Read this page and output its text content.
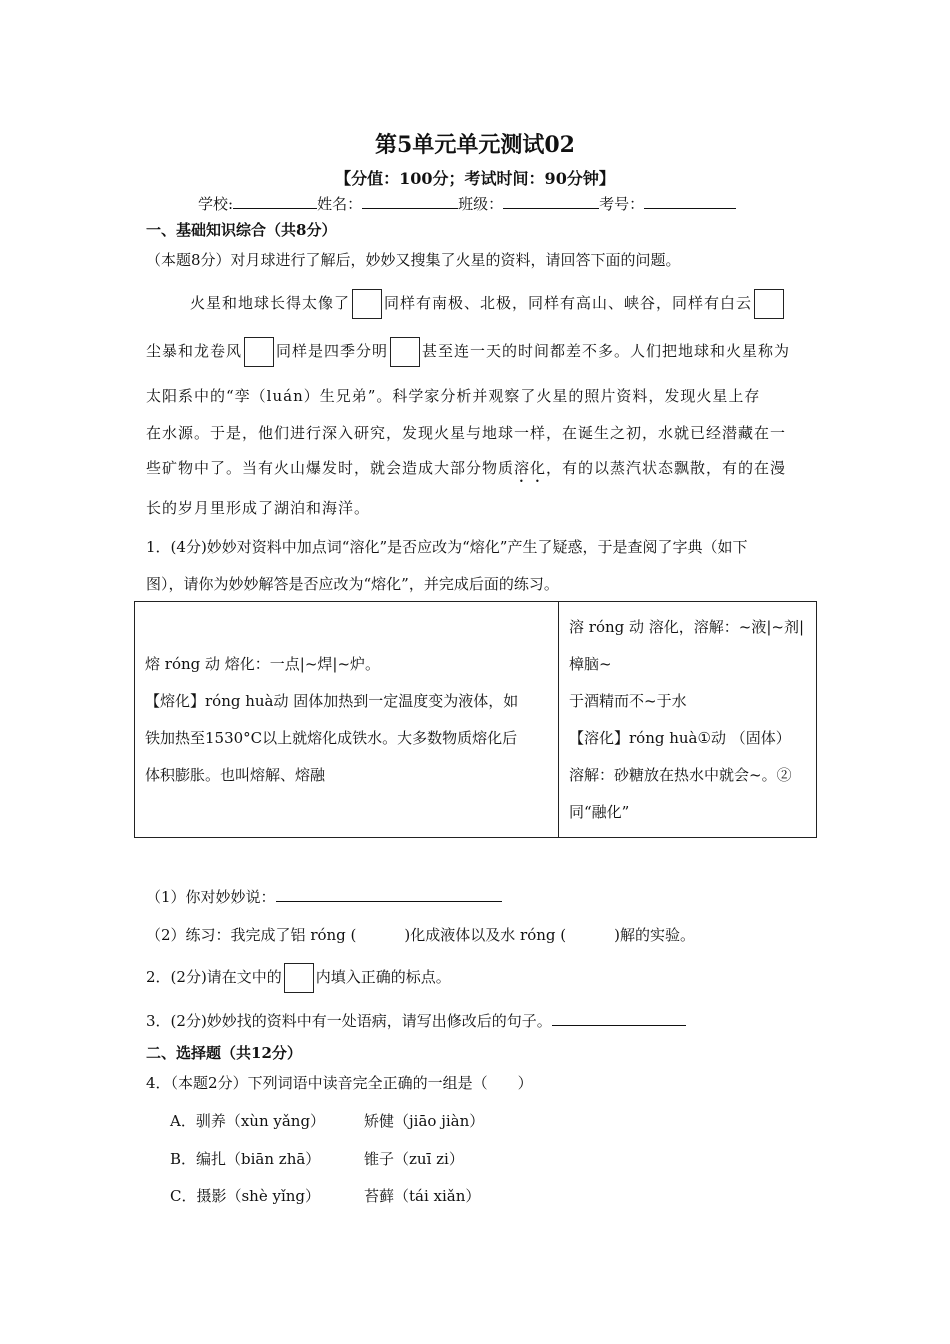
第5单元单元测试02
【分值：100分；考试时间：90分钟】
学校:	姓名：	班级：	考号：
一、基础知识综合（共8分）
（本题8分）对月球进行了解后，妙妙又搜集了火星的资料，请回答下面的问题。
火星和地球长得太像了 同样有南极、北极，同样有高山、峡谷，同样有白云
尘暴和龙卷风 同样是四季分明 甚至连一天的时间都差不多。人们把地球和火星称为
太阳系中的“孪（luán）生兄弟”。科学家分析并观察了火星的照片资料，发现火星上存
在水源。于是，他们进行深入研究，发现火星与地球一样，在诞生之初，水就已经潜藏在一
些矿物中了。当有火山爆发时，就会造成大部分物质溶化，有的以蒸汽状态飘散，有的在漫
长的岁月里形成了湖泊和海洋。
1．(4分)妙妙对资料中加点词“溶化”是否应改为“熔化”产生了疑惑，于是查阅了字典（如下
图），请你为妙妙解答是否应改为“熔化”，并完成后面的练习。
熔 róng 动 熔化：一点|~焊|~炉。
【熔化】róng huà动 固体加热到一定温度变为液体，如
铁加热至1530°C以上就熔化成铁水。大多数物质熔化后
体积膨胀。也叫熔解、熔融

溶 róng 动 溶化，溶解：~液|~剂|
樟脑~
于酒精而不~于水
【溶化】róng huà①动 （固体）
溶解：砂糖放在热水中就会~。②
同“融化”
（1）你对妙妙说：
（2）练习：我完成了铝 róng (	)化成液体以及水 róng (	)解的实验。
2．(2分)请在文中的 内填入正确的标点。
3．(2分)妙妙找的资料中有一处语病，请写出修改后的句子。
二、选择题（共12分）
4．（本题2分）下列词语中读音完全正确的一组是（　　）
A．驯养（xùn yǎng）	矫健（jiāo jiàn）
B．编扎（biān zhā）	锥子（zuī zi）
C．摄影（shè yǐng）	苔藓（tái xiǎn）
